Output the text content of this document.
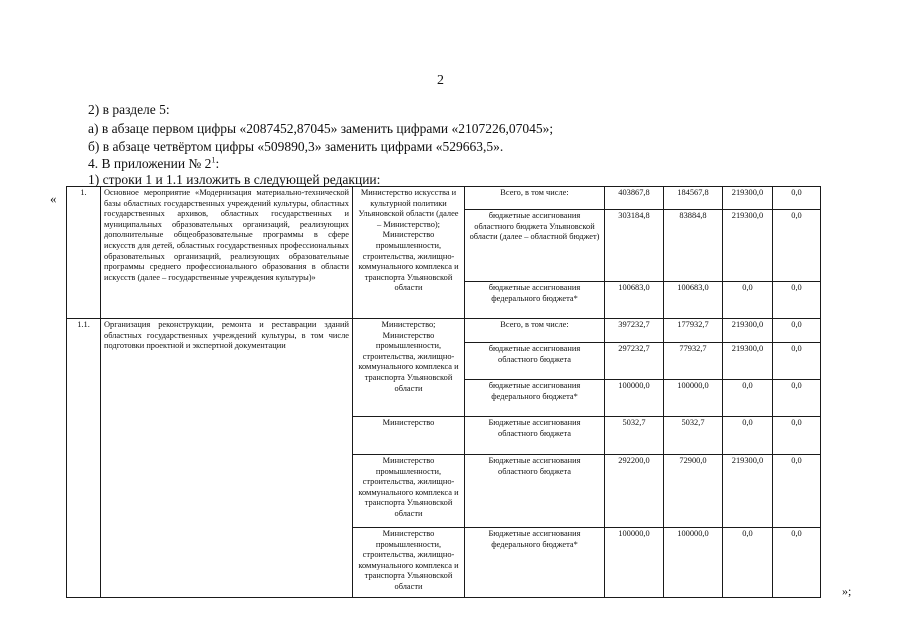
2
2) в разделе 5:
а) в абзаце первом цифры «2087452,87045» заменить цифрами «2107226,07045»;
б) в абзаце четвёртом цифры «509890,3» заменить цифрами «529663,5».
4. В приложении № $2^1$:
1) строки 1 и 1.1 изложить в следующей редакции:
«	1.	Основное мероприятие «Модернизация материально-технической базы областных государственных учреждений культуры, областных государственных архивов, областных государственных и муниципальных образовательных организаций, реализующих дополнительные общеобразовательные программы в сфере искусств для детей, областных государственных профессиональных образовательных организаций, реализующих образовательные программы среднего профессионального образования в области искусств (далее – государственные учреждения культуры)»	Министерство искусства и культурной политики Ульяновской области (далее – Министерство); Министерство промышленности, строительства, жилищно-коммунального комплекса и транспорта Ульяновской области	Всего, в том числе:	403867,8	184567,8	219300,0	0,0
			бюджетные ассигнования областного бюджета Ульяновской области (далее – областной бюджет)	303184,8	83884,8	219300,0	0,0
			бюджетные ассигнования федерального бюджета*	100683,0	100683,0	0,0	0,0
1.1.	Организация реконструкции, ремонта и реставрации зданий областных государственных учреждений культуры, в том числе подготовки проектной и экспертной документации	Министерство; Министерство промышленности, строительства, жилищно-коммунального комплекса и транспорта Ульяновской области	Всего, в том числе:	397232,7	177932,7	219300,0	0,0
			бюджетные ассигнования областного бюджета	297232,7	77932,7	219300,0	0,0
			бюджетные ассигнования федерального бюджета*	100000,0	100000,0	0,0	0,0
		Министерство	Бюджетные ассигнования областного бюджета	5032,7	5032,7	0,0	0,0
		Министерство промышленности, строительства, жилищно-коммунального комплекса и транспорта Ульяновской области	Бюджетные ассигнования областного бюджета	292200,0	72900,0	219300,0	0,0
		Министерство промышленности, строительства, жилищно-коммунального комплекса и транспорта Ульяновской области	Бюджетные ассигнования федерального бюджета*	100000,0	100000,0	0,0	0,0
»;
